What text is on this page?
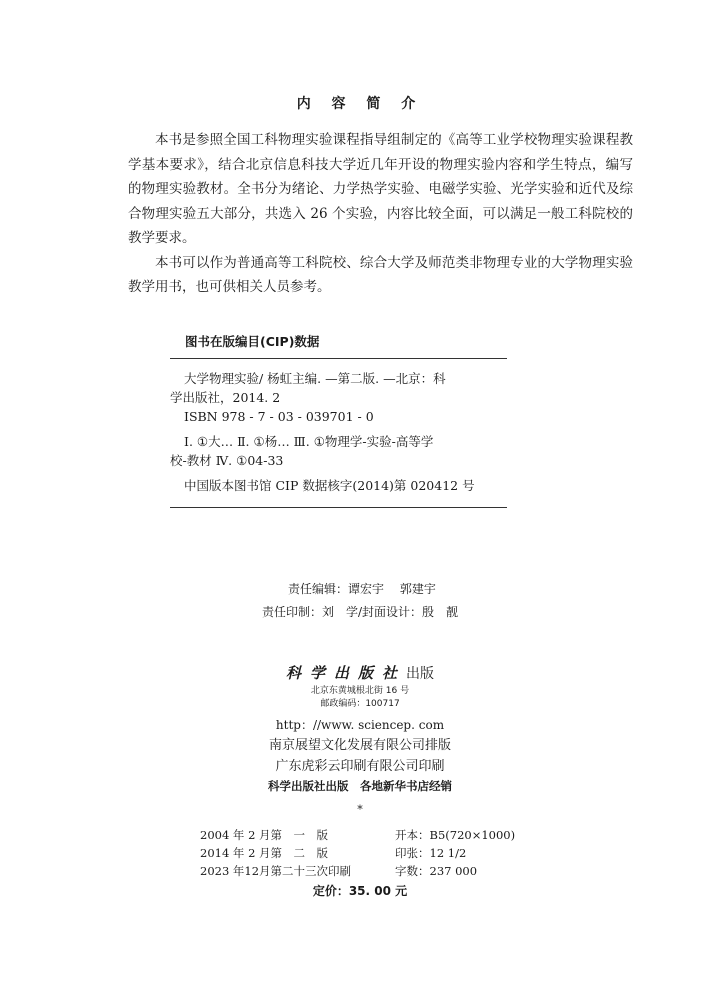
内 容 简 介

本书是参照全国工科物理实验课程指导组制定的《高等工业学校物理实验课程教学基本要求》，结合北京信息科技大学近几年开设的物理实验内容和学生特点，编写的物理实验教材。全书分为绪论、力学热学实验、电磁学实验、光学实验和近代及综合物理实验五大部分，共选入 26 个实验，内容比较全面，可以满足一般工科院校的教学要求。

本书可以作为普通高等工科院校、综合大学及师范类非物理专业的大学物理实验教学用书，也可供相关人员参考。

图书在版编目(CIP)数据
大学物理实验/ 杨虹主编. —第二版. —北京：科
学出版社，2014. 2
ISBN 978 - 7 - 03 - 039701 - 0
Ⅰ. ①大… Ⅱ. ①杨… Ⅲ. ①物理学-实验-高等学
校-教材 Ⅳ. ①04-33
中国版本图书馆 CIP 数据核字(2014)第 020412 号
责任编辑：谭宏宇　 郭建宇
责任印制：刘　学/封面设计：殷　靓
科学出版社出版
北京东黄城根北街 16 号
邮政编码：100717
http：//www. sciencep. com
南京展望文化发展有限公司排版
广东虎彩云印刷有限公司印刷
科学出版社出版　各地新华书店经销
*
2004 年 2 月第　一　版	开本：B5(720×1000)
2014 年 2 月第　二　版	印张：12 1/2
2023 年12月第二十三次印刷	字数：237 000
定价：35. 00 元
